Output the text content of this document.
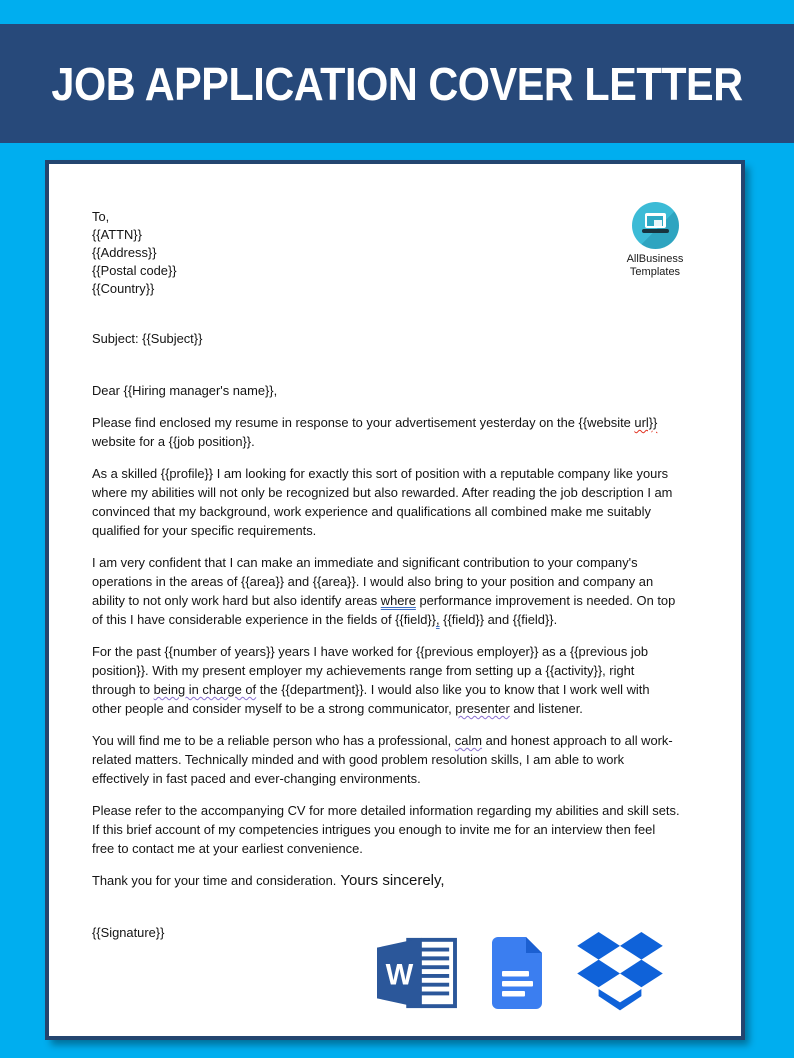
JOB APPLICATION COVER LETTER
AllBusiness
Templates
To,
{{ATTN}}
{{Address}}
{{Postal code}}
{{Country}}
Subject: {{Subject}}
Dear {{Hiring manager's name}},

Please find enclosed my resume in response to your advertisement yesterday on the {{website url}} website for a {{job position}}.

As a skilled {{profile}} I am looking for exactly this sort of position with a reputable company like yours where my abilities will not only be recognized but also rewarded. After reading the job description I am convinced that my background, work experience and qualifications all combined make me suitably qualified for your specific requirements.

I am very confident that I can make an immediate and significant contribution to your company's operations in the areas of {{area}} and {{area}}. I would also bring to your position and company an ability to not only work hard but also identify areas where performance improvement is needed. On top of this I have considerable experience in the fields of {{field}}, {{field}} and {{field}}.

For the past {{number of years}} years I have worked for {{previous employer}} as a {{previous job position}}. With my present employer my achievements range from setting up a {{activity}}, right through to being in charge of the {{department}}. I would also like you to know that I work well with other people and consider myself to be a strong communicator, presenter and listener.

You will find me to be a reliable person who has a professional, calm and honest approach to all work-related matters. Technically minded and with good problem resolution skills, I am able to work effectively in fast paced and ever-changing environments.

Please refer to the accompanying CV for more detailed information regarding my abilities and skill sets. If this brief account of my competencies intrigues you enough to invite me for an interview then feel free to contact me at your earliest convenience.

Thank you for your time and consideration. Yours sincerely,
{{Signature}}
W
